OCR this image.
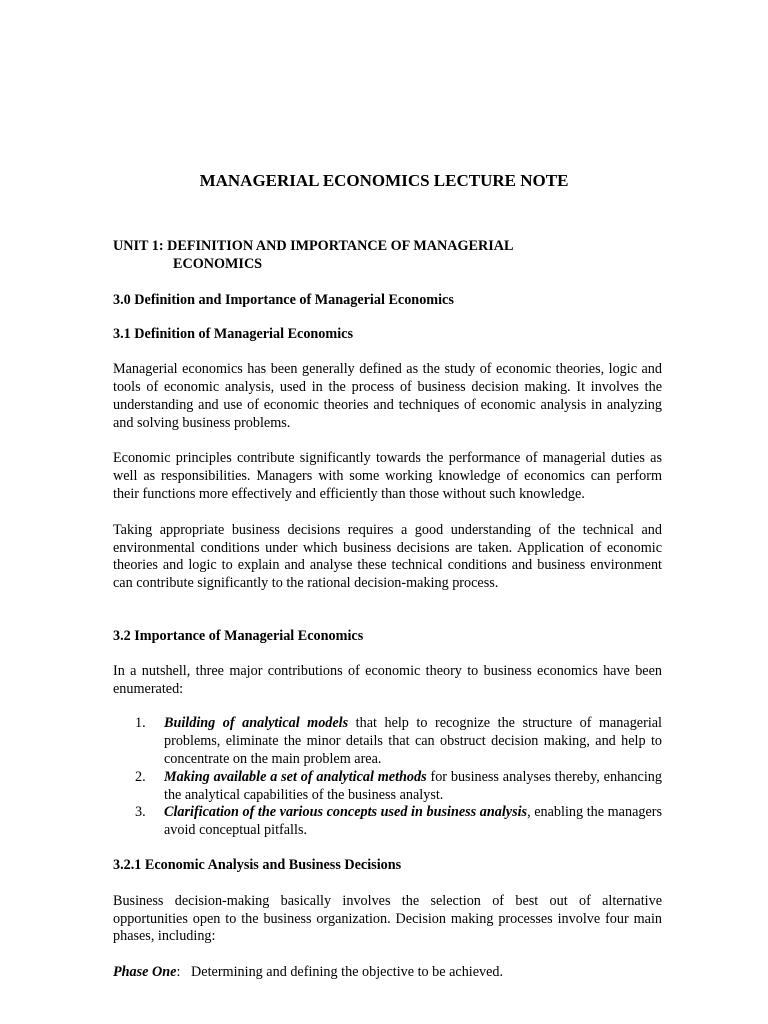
MANAGERIAL ECONOMICS LECTURE NOTE
UNIT 1: DEFINITION AND IMPORTANCE OF MANAGERIAL
ECONOMICS

3.0 Definition and Importance of Managerial Economics

3.1 Definition of Managerial Economics

Managerial economics has been generally defined as the study of economic theories, logic and tools of economic analysis, used in the process of business decision making. It involves the understanding and use of economic theories and techniques of economic analysis in analyzing and solving business problems.

Economic principles contribute significantly towards the performance of managerial duties as well as responsibilities. Managers with some working knowledge of economics can perform their functions more effectively and efficiently than those without such knowledge.

Taking appropriate business decisions requires a good understanding of the technical and environmental conditions under which business decisions are taken. Application of economic theories and logic to explain and analyse these technical conditions and business environment can contribute significantly to the rational decision-making process.

3.2 Importance of Managerial Economics

In a nutshell, three major contributions of economic theory to business economics have been enumerated:

1. Building of analytical models that help to recognize the structure of managerial problems, eliminate the minor details that can obstruct decision making, and help to concentrate on the main problem area.
2. Making available a set of analytical methods for business analyses thereby, enhancing the analytical capabilities of the business analyst.
3. Clarification of the various concepts used in business analysis, enabling the managers avoid conceptual pitfalls.

3.2.1 Economic Analysis and Business Decisions

Business decision-making basically involves the selection of best out of alternative opportunities open to the business organization. Decision making processes involve four main phases, including:

Phase One: Determining and defining the objective to be achieved.
